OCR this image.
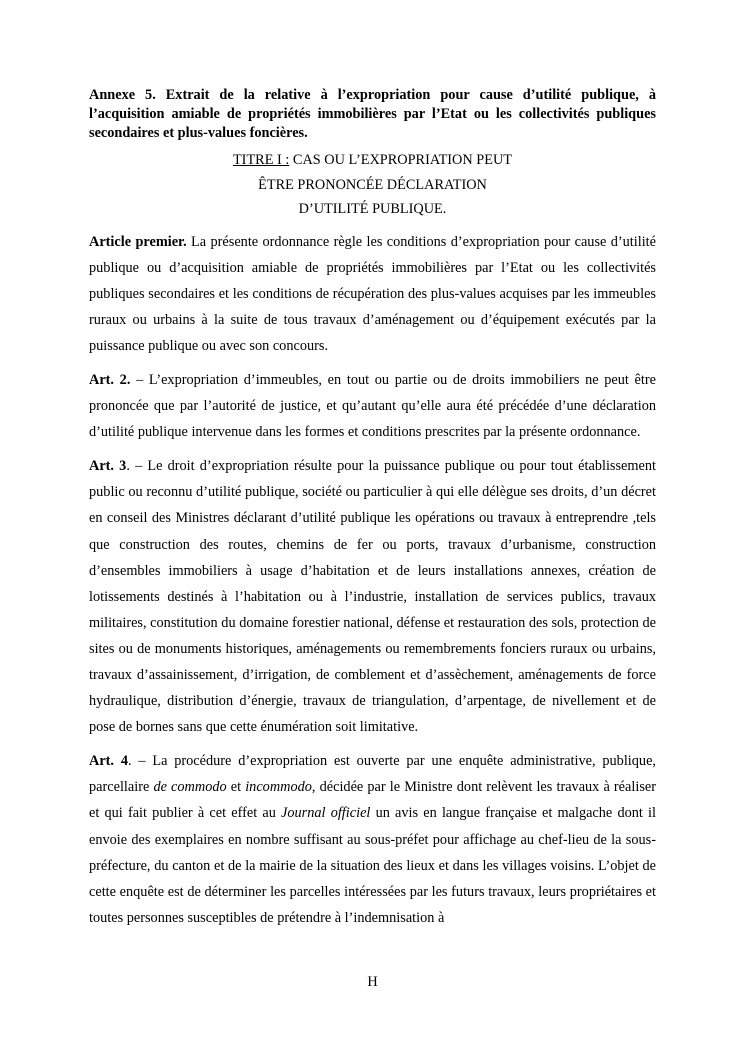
Annexe 5. Extrait de la relative à l’expropriation pour cause d’utilité publique, à l’acquisition amiable de propriétés immobilières par l’Etat ou les collectivités publiques secondaires et plus-values foncières.

TITRE I : CAS OU L’EXPROPRIATION PEUT
ÊTRE PRONONCÉE DÉCLARATION
D’UTILITÉ PUBLIQUE.

Article premier. La présente ordonnance règle les conditions d’expropriation pour cause d’utilité publique ou d’acquisition amiable de propriétés immobilières par l’Etat ou les collectivités publiques secondaires et les conditions de récupération des plus-values acquises par les immeubles ruraux ou urbains à la suite de tous travaux d’aménagement ou d’équipement exécutés par la puissance publique ou avec son concours.

Art. 2. – L’expropriation d’immeubles, en tout ou partie ou de droits immobiliers ne peut être prononcée que par l’autorité de justice, et qu’autant qu’elle aura été précédée d’une déclaration d’utilité publique intervenue dans les formes et conditions prescrites par la présente ordonnance.

Art. 3. – Le droit d’expropriation résulte pour la puissance publique ou pour tout établissement public ou reconnu d’utilité publique, société ou particulier à qui elle délègue ses droits, d’un décret en conseil des Ministres déclarant d’utilité publique les opérations ou travaux à entreprendre ,tels que construction des routes, chemins de fer ou ports, travaux d’urbanisme, construction d’ensembles immobiliers à usage d’habitation et de leurs installations annexes, création de lotissements destinés à l’habitation ou à l’industrie, installation de services publics, travaux militaires, constitution du domaine forestier national, défense et restauration des sols, protection de sites ou de monuments historiques, aménagements ou remembrements fonciers ruraux ou urbains, travaux d’assainissement, d’irrigation, de comblement et d’assèchement, aménagements de force hydraulique, distribution d’énergie, travaux de triangulation, d’arpentage, de nivellement et de pose de bornes sans que cette énumération soit limitative.

Art. 4. – La procédure d’expropriation est ouverte par une enquête administrative, publique, parcellaire de commodo et incommodo, décidée par le Ministre dont relèvent les travaux à réaliser et qui fait publier à cet effet au Journal officiel un avis en langue française et malgache dont il envoie des exemplaires en nombre suffisant au sous-préfet pour affichage au chef-lieu de la sous-préfecture, du canton et de la mairie de la situation des lieux et dans les villages voisins. L’objet de cette enquête est de déterminer les parcelles intéressées par les futurs travaux, leurs propriétaires et toutes personnes susceptibles de prétendre à l’indemnisation à

H
